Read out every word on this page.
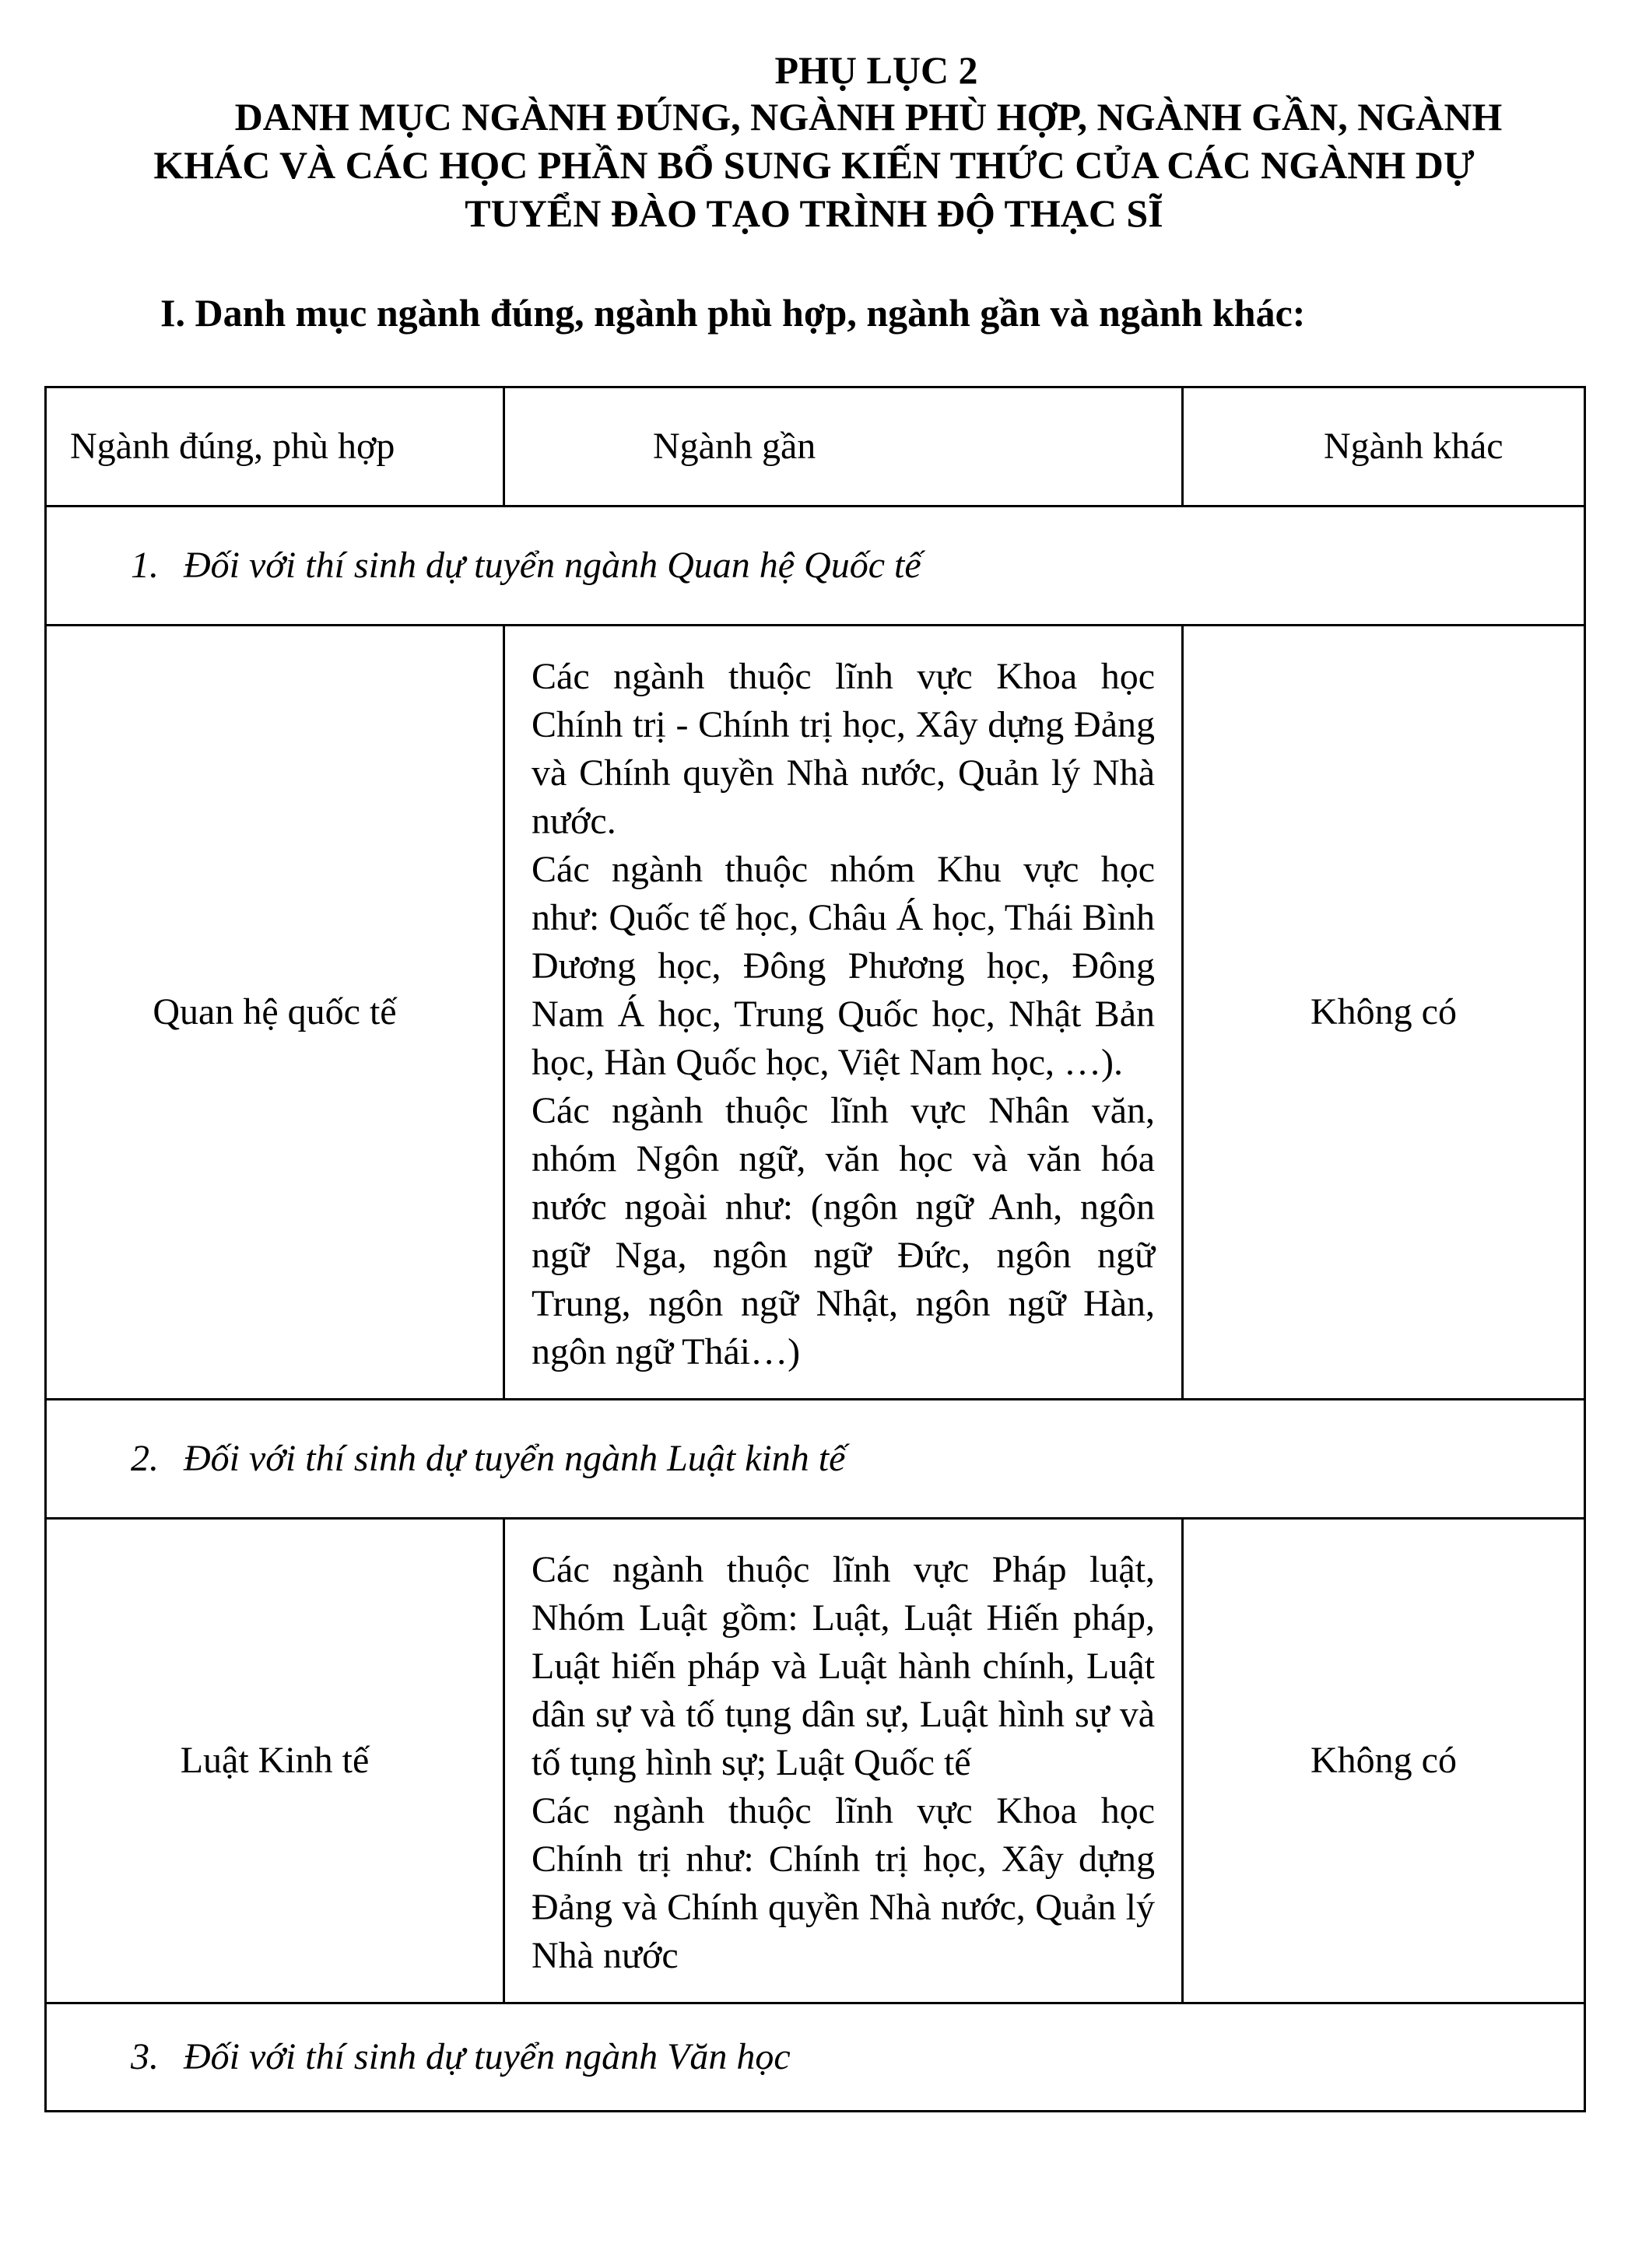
PHỤ LỤC 2
DANH MỤC NGÀNH ĐÚNG, NGÀNH PHÙ HỢP, NGÀNH GẦN, NGÀNH
KHÁC VÀ CÁC HỌC PHẦN BỔ SUNG KIẾN THỨC CỦA CÁC NGÀNH DỰ
TUYỂN ĐÀO TẠO TRÌNH ĐỘ THẠC SĨ
I. Danh mục ngành đúng, ngành phù hợp, ngành gần và ngành khác:
Ngành đúng, phù hợp	Ngành gần	Ngành khác
1. Đối với thí sinh dự tuyển ngành Quan hệ Quốc tế		
Quan hệ quốc tế	Các ngành thuộc lĩnh vực Khoa học Chính trị - Chính trị học, Xây dựng Đảng và Chính quyền Nhà nước, Quản lý Nhà nước.
Các ngành thuộc nhóm Khu vực học như: Quốc tế học, Châu Á học, Thái Bình Dương học, Đông Phương học, Đông Nam Á học, Trung Quốc học, Nhật Bản học, Hàn Quốc học, Việt Nam học, …).
Các ngành thuộc lĩnh vực Nhân văn, nhóm Ngôn ngữ, văn học và văn hóa nước ngoài như: (ngôn ngữ Anh, ngôn ngữ Nga, ngôn ngữ Đức, ngôn ngữ Trung, ngôn ngữ Nhật, ngôn ngữ Hàn, ngôn ngữ Thái…)	Không có
2. Đối với thí sinh dự tuyển ngành Luật kinh tế		
Luật Kinh tế	Các ngành thuộc lĩnh vực Pháp luật, Nhóm Luật gồm: Luật, Luật Hiến pháp, Luật hiến pháp và Luật hành chính, Luật dân sự và tố tụng dân sự, Luật hình sự và tố tụng hình sự; Luật Quốc tế
Các ngành thuộc lĩnh vực Khoa học Chính trị như: Chính trị học, Xây dựng Đảng và Chính quyền Nhà nước, Quản lý Nhà nước	Không có
3. Đối với thí sinh dự tuyển ngành Văn học		
